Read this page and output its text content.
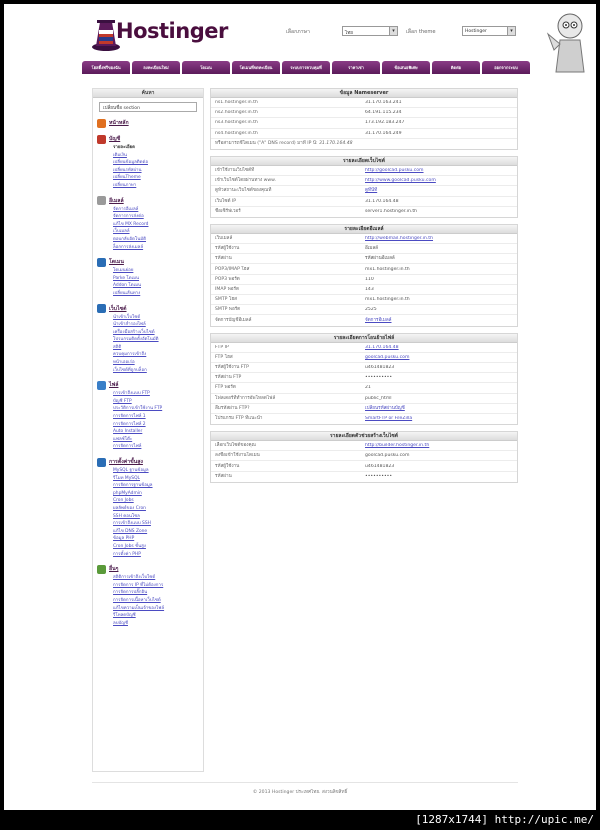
Hostinger	เลือกภาษา	ไทย	▾	เลือก theme	Hostinger	▾
โฮสติ้งฟรีของฉัน	ลงทะเบียนใหม่	โดเมน	โดเมนที่จดทะเบียน	ระบบการควบคุมที่	ราคาเช่า	ข้อเสนอพิเศษ	ติดต่อ	ออกจากระบบ
ค้นหา
เปลี่ยนชื่อ section
หน้าหลัก
บัญชี
รายละเอียด
เติมเงิน
เปลี่ยนข้อมูลติดต่อ
เปลี่ยนรหัสผ่าน
เปลี่ยนTheme
เปลี่ยนภาษา
อีเมลล์
จัดการอีเมลล์
จัดการการส่งต่อ
แก้ไข MX Record
เว็บเมลล์
ตอบกลับอัตโนมัติ
ล็อกการส่งเมลล์
โดเมน
โดเมนย่อย
Parke โดเมน
Addon โดเมน
เปลี่ยนเส้นทาง
เว็บไซต์
นำเข้าเว็บไซต์
นำเข้าสำรองไฟล์
เครื่องมือสร้างเว็บไซต์
โปรแกรมติดตั้งอัตโนมัติ
สถิติ
ควบคุมการเข้าถึง
หน้าเออเร่อ
เว็บไซต์ที่ถูกบล็อก
ไฟล์
การเข้าถึงแบบ FTP
บัญชี FTP
ประวัติการเข้าใช้งาน FTP
การจัดการไฟล์ 1
การจัดการไฟล์ 2
Auto Installer
แฟลช์โต๊ะ
การจัดการไฟล์
การตั้งค่าขั้นสูง
MySQL ฐานข้อมูล
รีโมท MySQL
การจัดการฐานข้อมูล
phpMyAdmin
Cron Jobs
ผลลัพธ์ของ Cron
SSH คอนโซล
การเข้าถึงแบบ SSH
แก้ไข DNS Zone
ข้อมูล PHP
Cron Jobs ขั้นสูง
การตั้งค่า PHP
อื่นๆ
สถิติการเข้าถึงเว็บไซต์
การจัดการ IP ที่ไม่ต้องการ
การจัดการปลั๊กอิน
การจัดการเนื้อหาเว็บไซต์
แก้ไขความเป็นเจ้าของไฟล์
รีโหลดบัญชี
ลบบัญชี
ข้อมูล Nameserver
ns1.hostinger.in.th	31.170.163.241
ns2.hostinger.in.th	64.191.115.234
ns3.hostinger.in.th	173.192.183.247
ns4.hostinger.in.th	31.170.164.249
หรือสามารถชี้โดเมน ("A" DNS record) มาที่ IP นี้: 31.170.164.48
รายละเอียดเว็บไซต์
เข้าใช้งานเว็บไซต์ที่	http://goolcad.pusku.com
เข้าเว็บไซต์โดยผ่านทาง www.	http://www.goolcad.pusku.com
ดูหัวสถานะเว็บไซต์ของคุณที่	ดูที่นี่ที่
เว็บไซต์ IP	31.170.164.48
ชื่อเซิร์ฟเวอร์	server1.hostinger.in.th
รายละเอียดอีเมลล์
เว็บเมลล์	http://webmail.hostinger.in.th
รหัสผู้ใช้งาน	อีเมลล์
รหัสผ่าน	รหัสผ่านอีเมลล์
POP3/IMAP โฮส	mx1.hostinger.in.th
POP3 พอร์ต	110
IMAP พอร์ต	143
SMTP โฮส	mx1.hostinger.in.th
SMTP พอร์ต	2525
จัดการบัญชีอีเมลล์	จัดการอีเมลล์
รายละเอียดการโอนย้ายไฟล์
FTP IP	31.170.164.48
FTP โฮส	goolcad.pusku.com
รหัสผู้ใช้งาน FTP	u461481823
รหัสผ่าน FTP	••••••••••
FTP พอร์ต	21
โฟลเดอร์ที่ทำการอัพโหลดไฟล์	public_html
ลืมรหัสผ่าน FTP?	เปลี่ยนรหัสผ่านบัญชี
โปรแกรม FTP ที่แนะนำ	SmartFTP or FileZilla
รายละเอียดตัวช่วยสร้างเว็บไซต์
เลือกเว็บไซต์ของคุณ	http://builder.hostinger.in.th
ลงชื่อเข้าใช้งานโดเมน	goolcad.pusku.com
รหัสผู้ใช้งาน	u461481823
รหัสผ่าน	••••••••••
© 2013 Hostinger ประเทศไทย. สงวนลิขสิทธิ์
[1287x1744] http://upic.me/
